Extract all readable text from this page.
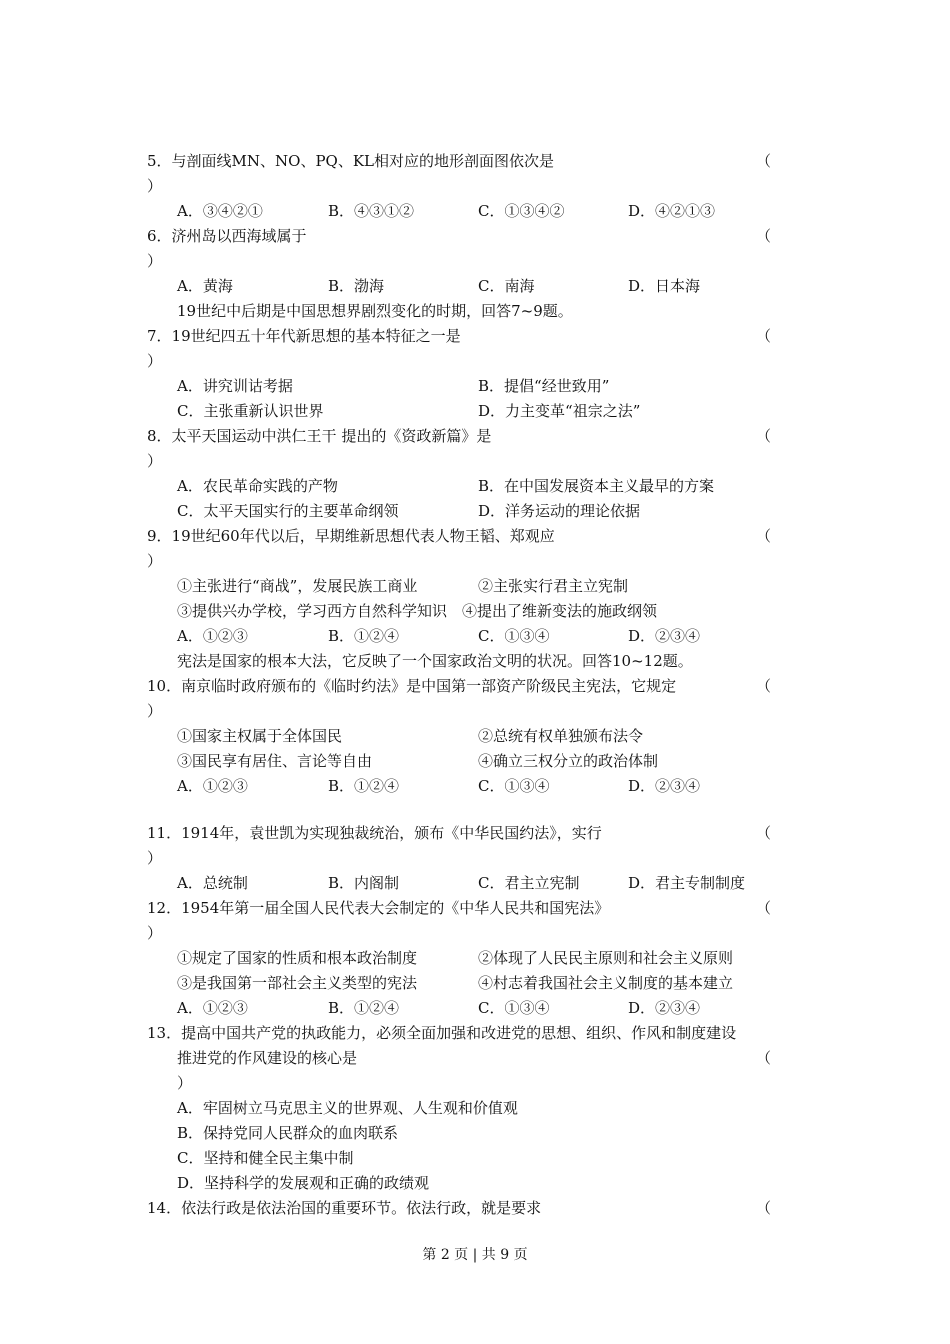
5．与剖面线MN、NO、PQ、KL相对应的地形剖面图依次是	（
）
A．③④②①	B．④③①②	C．①③④②	D．④②①③
6．济州岛以西海域属于	（
）
A．黄海	B．渤海	C．南海	D．日本海
19世纪中后期是中国思想界剧烈变化的时期，回答7~9题。
7．19世纪四五十年代新思想的基本特征之一是	（
）
A．讲究训诂考据	B．提倡“经世致用”
C．主张重新认识世界	D．力主变革“祖宗之法”
8．太平天国运动中洪仁王干 提出的《资政新篇》是	（
）
A．农民革命实践的产物	B．在中国发展资本主义最早的方案
C．太平天国实行的主要革命纲领	D．洋务运动的理论依据
9．19世纪60年代以后，早期维新思想代表人物王韬、郑观应	（
）
①主张进行“商战”，发展民族工商业	②主张实行君主立宪制
③提供兴办学校，学习西方自然科学知识 ④提出了维新变法的施政纲领
A．①②③	B．①②④	C．①③④	D．②③④
宪法是国家的根本大法，它反映了一个国家政治文明的状况。回答10~12题。
10．南京临时政府颁布的《临时约法》是中国第一部资产阶级民主宪法，它规定	（
）
①国家主权属于全体国民	②总统有权单独颁布法令
③国民享有居住、言论等自由	④确立三权分立的政治体制
A．①②③	B．①②④	C．①③④	D．②③④
11．1914年，袁世凯为实现独裁统治，颁布《中华民国约法》，实行	（
）
A．总统制	B．内阁制	C．君主立宪制	D．君主专制制度
12．1954年第一届全国人民代表大会制定的《中华人民共和国宪法》	（
）
①规定了国家的性质和根本政治制度	②体现了人民民主原则和社会主义原则
③是我国第一部社会主义类型的宪法	④村志着我国社会主义制度的基本建立
A．①②③	B．①②④	C．①③④	D．②③④
13．提高中国共产党的执政能力，必须全面加强和改进党的思想、组织、作风和制度建设
推进党的作风建设的核心是	（
）
A．牢固树立马克思主义的世界观、人生观和价值观
B．保持党同人民群众的血肉联系
C．坚持和健全民主集中制
D．坚持科学的发展观和正确的政绩观
14．依法行政是依法治国的重要环节。依法行政，就是要求	（
第 2 页 | 共 9 页
